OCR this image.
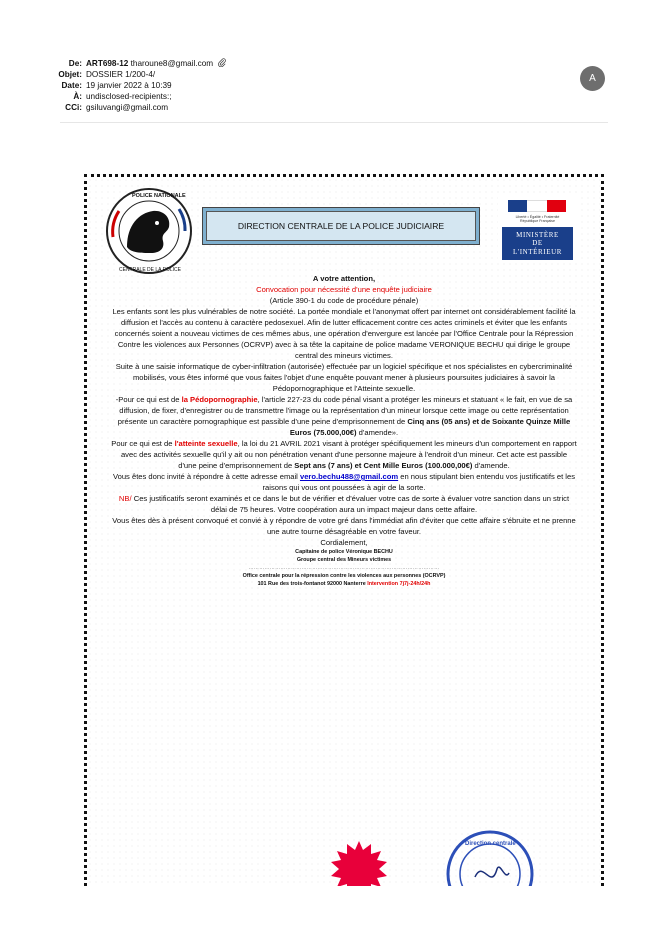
De: ART698-12 tharoune8@gmail.com
Objet: DOSSIER 1/200-4/
Date: 19 janvier 2022 à 10:39
À: undisclosed-recipients:;
CCi: gsiluvangi@gmail.com
A
POLICE NATIONALE
CENTRALE DE LA POLICE
DIRECTION CENTRALE DE LA POLICE JUDICIAIRE
Liberté • Égalité • Fraternité
République Française
MINISTÈRE
DE
L'INTÉRIEUR

A votre attention,

Convocation pour nécessité d'une enquête judiciaire

(Article 390-1 du code de procédure pénale)

Les enfants sont les plus vulnérables de notre société. La portée mondiale et l'anonymat offert par internet ont considérablement facilité la diffusion et l'accès au contenu à caractère pedosexuel. Afin de lutter efficacement contre ces actes criminels et éviter que les enfants concernés soient a nouveau victimes de ces mêmes abus, une opération d'envergure est lancée par l'Office Centrale pour la Répression Contre les violences aux Personnes (OCRVP) avec à sa tête la capitaine de police madame VERONIQUE BECHU qui dirige le groupe central des mineurs victimes.

Suite à une saisie informatique de cyber-infiltration (autorisée) effectuée par un logiciel spécifique et nos spécialistes en cybercriminalité mobilisés, vous êtes informé que vous faites l'objet d'une enquête pouvant mener à plusieurs poursuites judiciaires à savoir la Pédopornographique et l'Atteinte sexuelle.

-Pour ce qui est de la Pédopornographie, l'article 227-23 du code pénal visant a protéger les mineurs et statuant « le fait, en vue de sa diffusion, de fixer, d'enregistrer ou de transmettre l'image ou la représentation d'un mineur lorsque cette image ou cette représentation présente un caractère pornographique est passible d'une peine d'emprisonnement de Cinq ans (05 ans) et de Soixante Quinze Mille Euros (75.000,00€) d'amende».

Pour ce qui est de l'atteinte sexuelle, la loi du 21 AVRIL 2021 visant à protéger spécifiquement les mineurs d'un comportement en rapport avec des activités sexuelle qu'il y ait ou non pénétration venant d'une personne majeure à l'endroit d'un mineur. Cet acte est passible d'une peine d'emprisonnement de Sept ans (7 ans) et Cent Mille Euros (100.000,00€) d'amende.

Vous êtes donc invité à répondre à cette adresse email vero.bechu488@gmail.com en nous stipulant bien entendu vos justificatifs et les raisons qui vous ont poussées à agir de la sorte.

NB/ Ces justificatifs seront examinés et ce dans le but de vérifier et d'évaluer votre cas de sorte à évaluer votre sanction dans un strict délai de 75 heures. Votre coopération aura un impact majeur dans cette affaire.

Vous êtes dès à présent convoqué et convié à y répondre de votre gré dans l'immédiat afin d'éviter que cette affaire s'ébruite et ne prenne une autre tourne désagréable en votre faveur.

Cordialement,

Capitaine de police Véronique BECHU

Groupe central des Mineurs victimes

………………………………………………………………………………………………

Office centrale pour la répression contre les violences aux personnes (OCRVP)

101 Rue des trois-fontanot 92000 Nanterre Intervention 7j7j-24h/24h

Direction centrale
